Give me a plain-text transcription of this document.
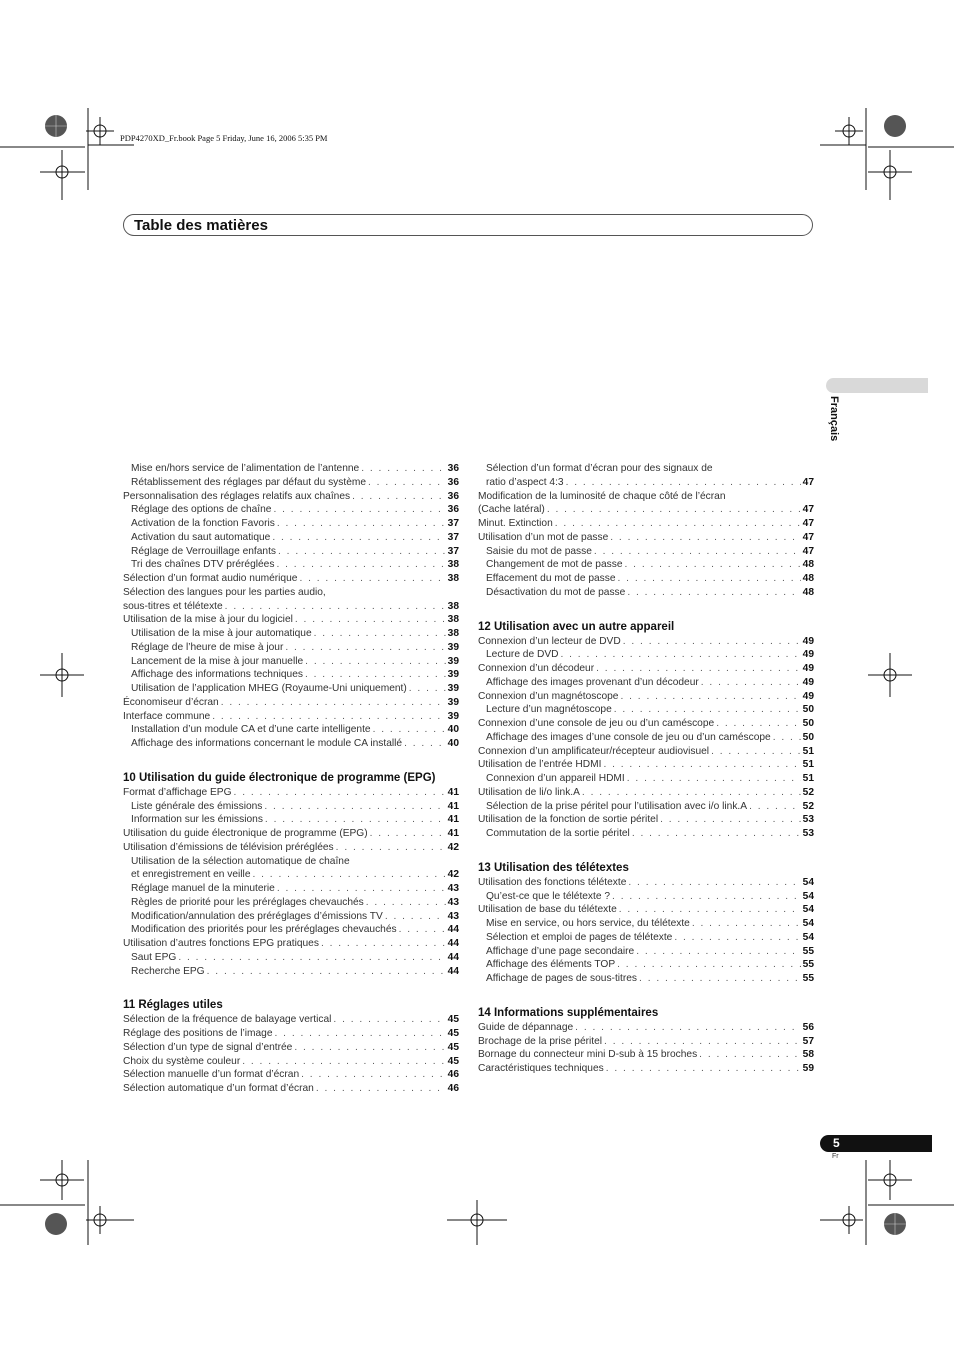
PDP4270XD_Fr.book Page 5 Friday, June 16, 2006 5:35 PM
Table des matières
Français
Mise en/hors service de l’alimentation de l’antenne . . .	36
Rétablissement des réglages par défaut du système . . .	36
Personnalisation des réglages relatifs aux chaînes . . .	36
Réglage des options de chaîne . . .	36
Activation de la fonction Favoris . . .	37
Activation du saut automatique . . .	37
Réglage de Verrouillage enfants . . .	37
Tri des chaînes DTV préréglées . . .	38
Sélection d’un format audio numérique . . .	38
Sélection des langues pour les parties audio,
sous-titres et télétexte . . .	38
Utilisation de la mise à jour du logiciel . . .	38
Utilisation de la mise à jour automatique . . .	38
Réglage de l’heure de mise à jour . . .	39
Lancement de la mise à jour manuelle . . .	39
Affichage des informations techniques . . .	39
Utilisation de l’application MHEG (Royaume-Uni uniquement) . . .	39
Économiseur d’écran . . .	39
Interface commune . . .	39
Installation d’un module CA et d’une carte intelligente . . .	40
Affichage des informations concernant le module CA installé . . .	40
10 Utilisation du guide électronique de programme (EPG)
Format d’affichage EPG . . .	41
Liste générale des émissions . . .	41
Information sur les émissions . . .	41
Utilisation du guide électronique de programme (EPG) . . .	41
Utilisation d’émissions de télévision préréglées . . .	42
Utilisation de la sélection automatique de chaîne
et enregistrement en veille . . .	42
Réglage manuel de la minuterie . . .	43
Règles de priorité pour les préréglages chevauchés . . .	43
Modification/annulation des préréglages d’émissions TV . . .	43
Modification des priorités pour les préréglages chevauchés . . .	44
Utilisation d’autres fonctions EPG pratiques . . .	44
Saut EPG . . .	44
Recherche EPG . . .	44
11 Réglages utiles
Sélection de la fréquence de balayage vertical . . .	45
Réglage des positions de l’image . . .	45
Sélection d’un type de signal d’entrée . . .	45
Choix du système couleur . . .	45
Sélection manuelle d’un format d’écran . . .	46
Sélection automatique d’un format d’écran . . .	46
Sélection d’un format d’écran pour des signaux de
ratio d’aspect 4:3 . . .	47
Modification de la luminosité de chaque côté de l’écran
(Cache latéral) . . .	47
Minut. Extinction . . .	47
Utilisation d’un mot de passe . . .	47
Saisie du mot de passe . . .	47
Changement de mot de passe . . .	48
Effacement du mot de passe . . .	48
Désactivation du mot de passe . . .	48
12 Utilisation avec un autre appareil
Connexion d’un lecteur de DVD . . .	49
Lecture de DVD . . .	49
Connexion d’un décodeur . . .	49
Affichage des images provenant d’un décodeur . . .	49
Connexion d’un magnétoscope . . .	49
Lecture d’un magnétoscope . . .	50
Connexion d’une console de jeu ou d’un caméscope . . .	50
Affichage des images d’une console de jeu ou d’un caméscope . . .	50
Connexion d’un amplificateur/récepteur audiovisuel . . .	51
Utilisation de l’entrée HDMI . . .	51
Connexion d’un appareil HDMI . . .	51
Utilisation de li/o link.A . . .	52
Sélection de la prise péritel pour l’utilisation avec i/o link.A . . .	52
Utilisation de la fonction de sortie péritel . . .	53
Commutation de la sortie péritel . . .	53
13 Utilisation des télétextes
Utilisation des fonctions télétexte . . .	54
Qu’est-ce que le télétexte ? . . .	54
Utilisation de base du télétexte . . .	54
Mise en service, ou hors service, du télétexte . . .	54
Sélection et emploi de pages de télétexte . . .	54
Affichage d’une page secondaire . . .	55
Affichage des éléments TOP . . .	55
Affichage de pages de sous-titres . . .	55
14 Informations supplémentaires
Guide de dépannage . . .	56
Brochage de la prise péritel . . .	57
Bornage du connecteur mini D-sub à 15 broches . . .	58
Caractéristiques techniques . . .	59
5
Fr
